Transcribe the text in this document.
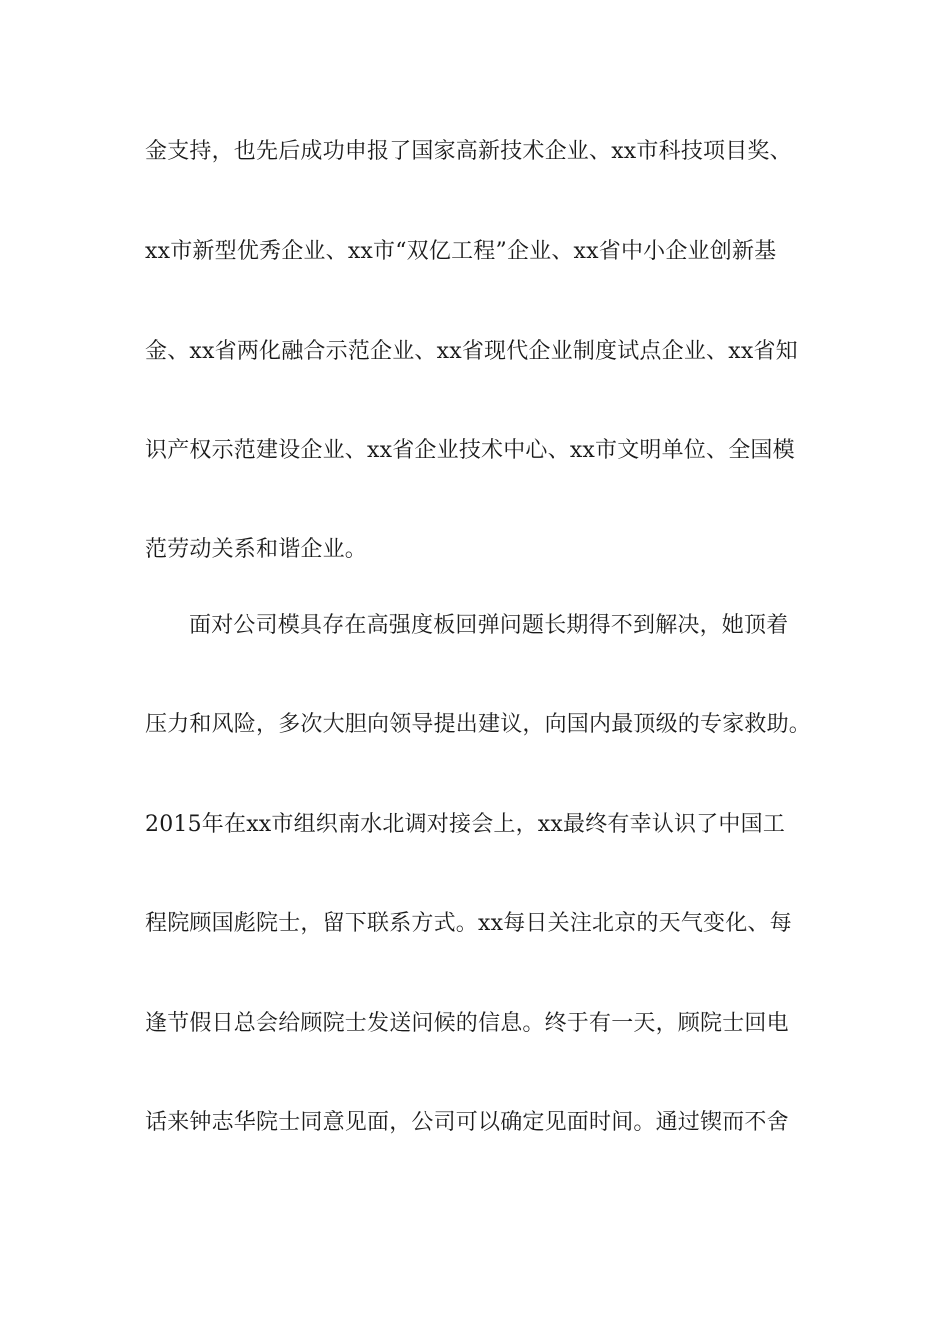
金支持，也先后成功申报了国家高新技术企业、xx市科技项目奖、
xx市新型优秀企业、xx市“双亿工程”企业、xx省中小企业创新基
金、xx省两化融合示范企业、xx省现代企业制度试点企业、xx省知
识产权示范建设企业、xx省企业技术中心、xx市文明单位、全国模
范劳动关系和谐企业。
面对公司模具存在高强度板回弹问题长期得不到解决，她顶着
压力和风险，多次大胆向领导提出建议，向国内最顶级的专家救助。
2015年在xx市组织南水北调对接会上，xx最终有幸认识了中国工
程院顾国彪院士，留下联系方式。xx每日关注北京的天气变化、每
逢节假日总会给顾院士发送问候的信息。终于有一天，顾院士回电
话来钟志华院士同意见面，公司可以确定见面时间。通过锲而不舍
